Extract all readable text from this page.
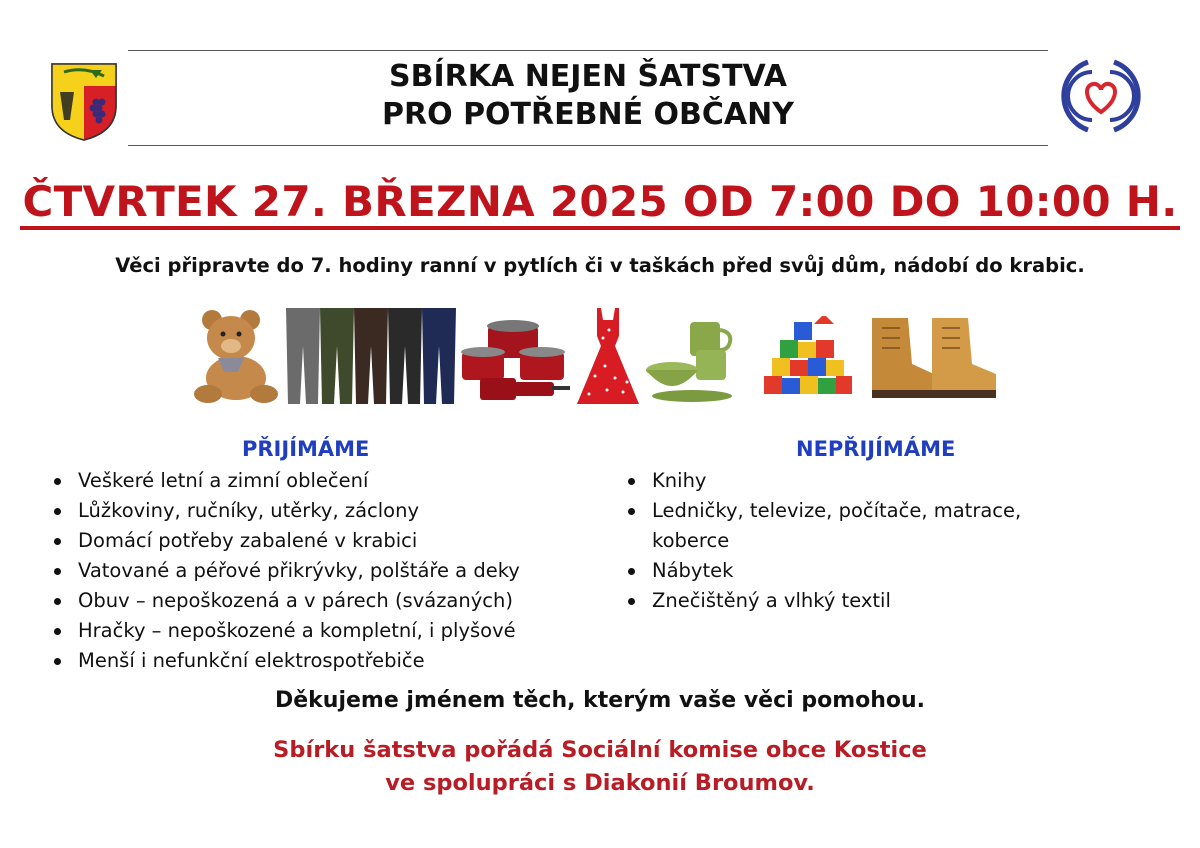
SBÍRKA NEJEN ŠATSTVA
PRO POTŘEBNÉ OBČANY
ČTVRTEK 27. BŘEZNA 2025 OD 7:00 DO 10:00 H.
Věci připravte do 7. hodiny ranní v pytlích či v taškách před svůj dům, nádobí do krabic.
PŘIJÍMÁME
Veškeré letní a zimní oblečení
Lůžkoviny, ručníky, utěrky, záclony
Domácí potřeby zabalené v krabici
Vatované a péřové přikrývky, polštáře a deky
Obuv – nepoškozená a v párech (svázaných)
Hračky – nepoškozené a kompletní, i plyšové
Menší i nefunkční elektrospotřebiče
NEPŘIJÍMÁME
Knihy
Ledničky, televize, počítače, matrace, koberce
Nábytek
Znečištěný a vlhký textil
Děkujeme jménem těch, kterým vaše věci pomohou.
Sbírku šatstva pořádá Sociální komise obce Kostice
ve spolupráci s Diakonií Broumov.
